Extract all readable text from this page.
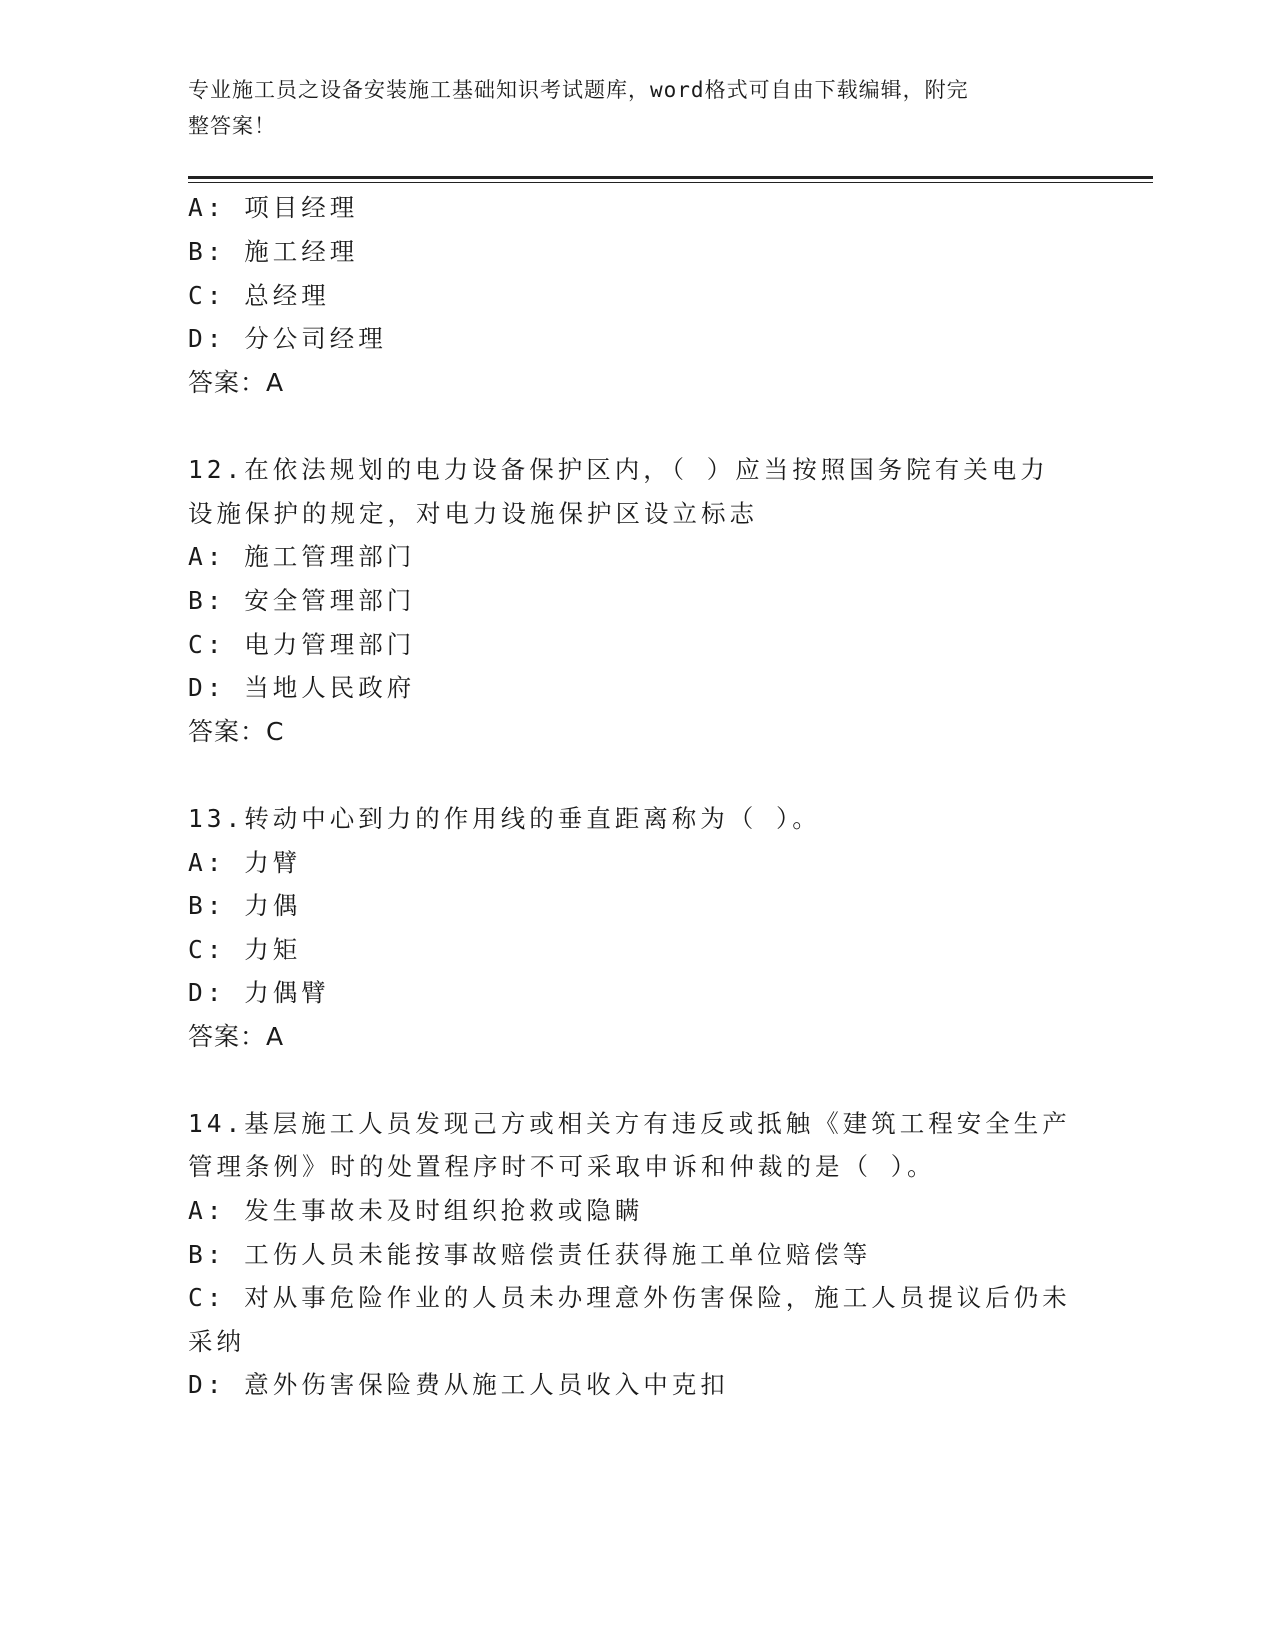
专业施工员之设备安装施工基础知识考试题库，word格式可自由下载编辑，附完
整答案！
A: 项目经理
B: 施工经理
C: 总经理
D: 分公司经理
答案：A
12.在依法规划的电力设备保护区内，（ ）应当按照国务院有关电力
设施保护的规定，对电力设施保护区设立标志
A: 施工管理部门
B: 安全管理部门
C: 电力管理部门
D: 当地人民政府
答案：C
13.转动中心到力的作用线的垂直距离称为（ ）。
A: 力臂
B: 力偶
C: 力矩
D: 力偶臂
答案：A
14.基层施工人员发现己方或相关方有违反或抵触《建筑工程安全生产
管理条例》时的处置程序时不可采取申诉和仲裁的是（ ）。
A: 发生事故未及时组织抢救或隐瞒
B: 工伤人员未能按事故赔偿责任获得施工单位赔偿等
C: 对从事危险作业的人员未办理意外伤害保险，施工人员提议后仍未
采纳
D: 意外伤害保险费从施工人员收入中克扣
